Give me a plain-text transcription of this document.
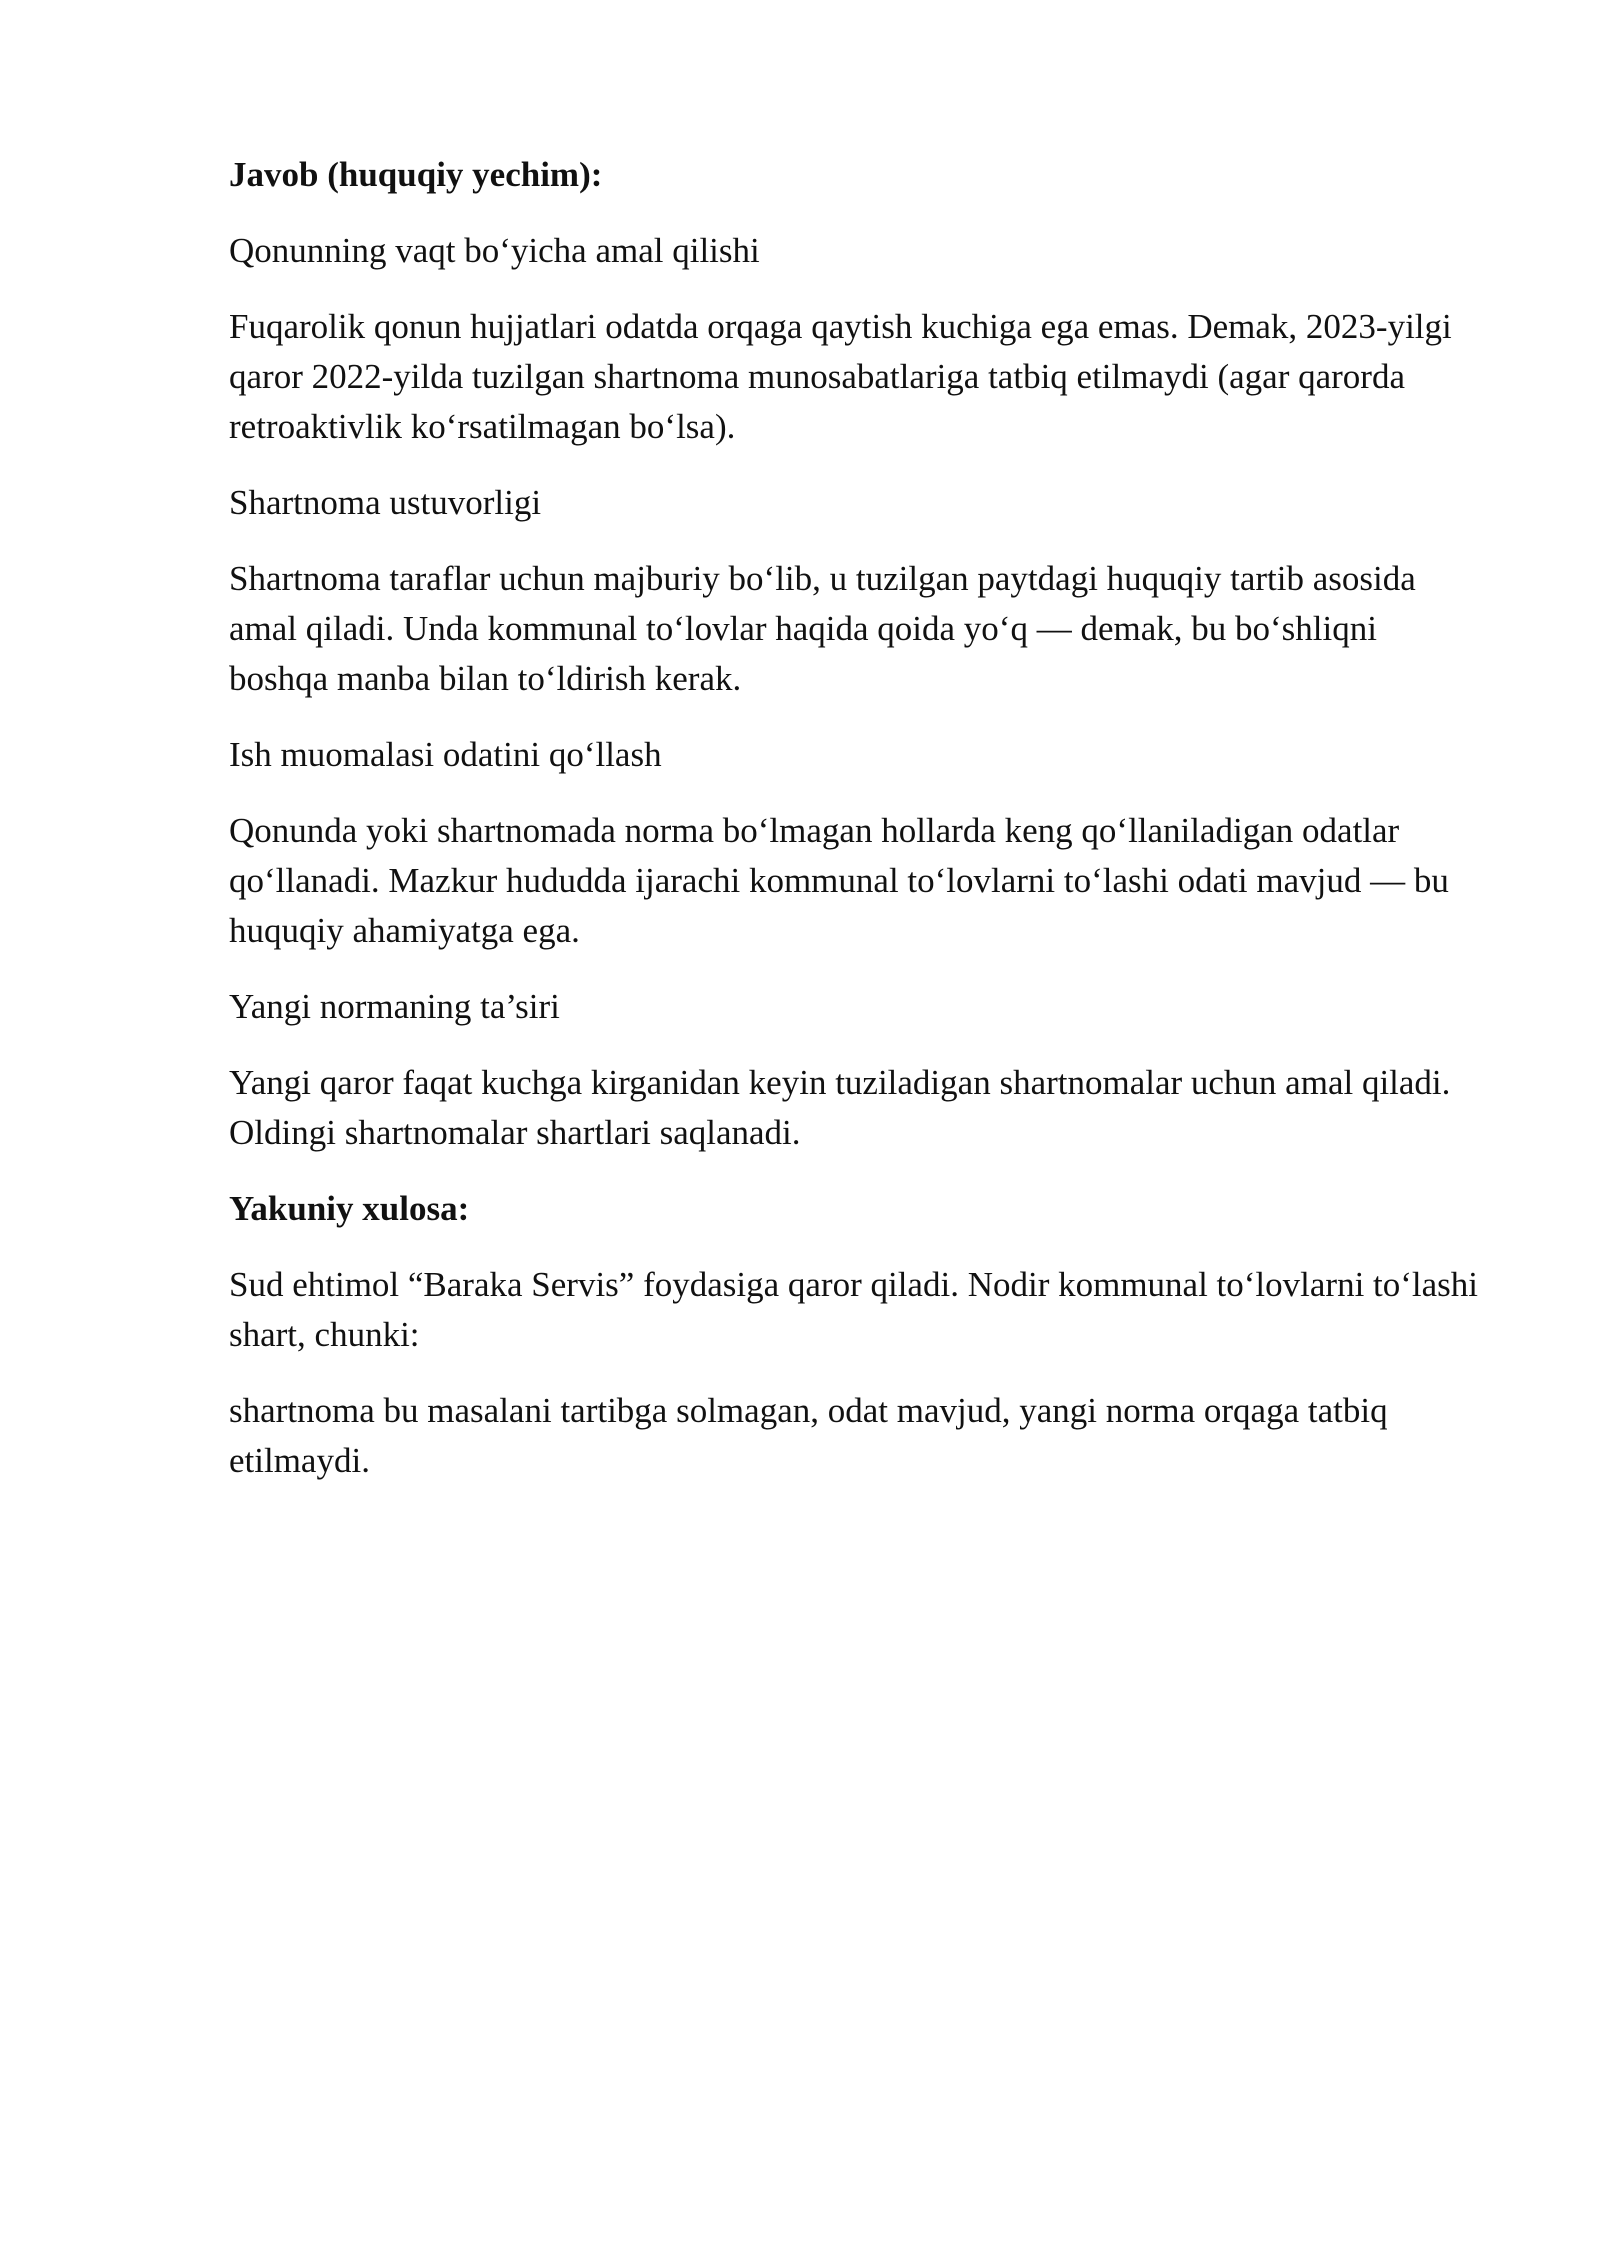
Javob (huquqiy yechim):

Qonunning vaqt bo‘yicha amal qilishi

Fuqarolik qonun hujjatlari odatda orqaga qaytish kuchiga ega emas. Demak, 2023-yilgi qaror 2022-yilda tuzilgan shartnoma munosabatlariga tatbiq etilmaydi (agar qarorda retroaktivlik ko‘rsatilmagan bo‘lsa).

Shartnoma ustuvorligi

Shartnoma taraflar uchun majburiy bo‘lib, u tuzilgan paytdagi huquqiy tartib asosida amal qiladi. Unda kommunal to‘lovlar haqida qoida yo‘q — demak, bu bo‘shliqni boshqa manba bilan to‘ldirish kerak.

Ish muomalasi odatini qo‘llash

Qonunda yoki shartnomada norma bo‘lmagan hollarda keng qo‘llaniladigan odatlar qo‘llanadi. Mazkur hududda ijarachi kommunal to‘lovlarni to‘lashi odati mavjud — bu huquqiy ahamiyatga ega.

Yangi normaning ta’siri

Yangi qaror faqat kuchga kirganidan keyin tuziladigan shartnomalar uchun amal qiladi. Oldingi shartnomalar shartlari saqlanadi.

Yakuniy xulosa:

Sud ehtimol “Baraka Servis” foydasiga qaror qiladi. Nodir kommunal to‘lovlarni to‘lashi shart, chunki:

shartnoma bu masalani tartibga solmagan, odat mavjud, yangi norma orqaga tatbiq etilmaydi.
